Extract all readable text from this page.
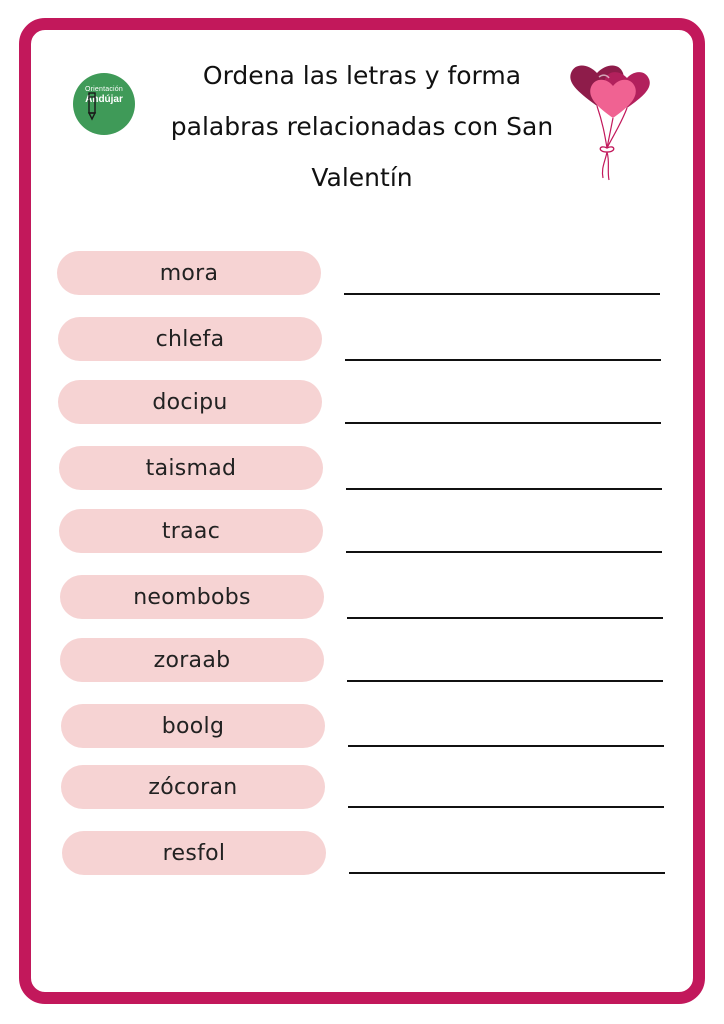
Orientación
Andújar
Ordena las letras y forma palabras relacionadas con San Valentín
mora
chlefa
docipu
taismad
traac
neombobs
zoraab
boolg
zócoran
resfol
